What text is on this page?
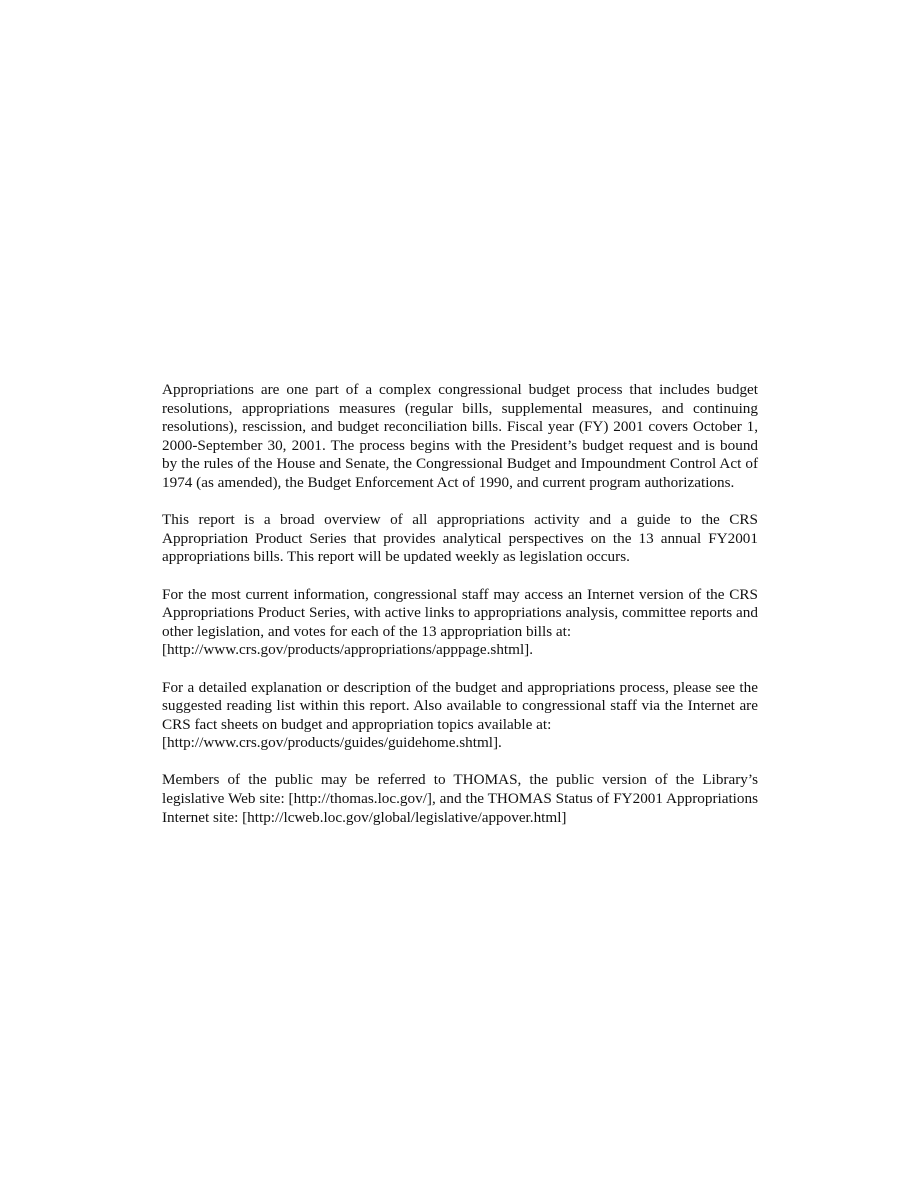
Appropriations are one part of a complex congressional budget process that includes budget resolutions, appropriations measures (regular bills, supplemental measures, and continuing resolutions), rescission, and budget reconciliation bills. Fiscal year (FY) 2001 covers October 1, 2000-September 30, 2001. The process begins with the President’s budget request and is bound by the rules of the House and Senate, the Congressional Budget and Impoundment Control Act of 1974 (as amended), the Budget Enforcement Act of 1990, and current program authorizations.

This report is a broad overview of all appropriations activity and a guide to the CRS Appropriation Product Series that provides analytical perspectives on the 13 annual FY2001 appropriations bills. This report will be updated weekly as legislation occurs.

For the most current information, congressional staff may access an Internet version of the CRS Appropriations Product Series, with active links to appropriations analysis, committee reports and other legislation, and votes for each of the 13 appropriation bills at:
[http://www.crs.gov/products/appropriations/apppage.shtml].

For a detailed explanation or description of the budget and appropriations process, please see the suggested reading list within this report. Also available to congressional staff via the Internet are CRS fact sheets on budget and appropriation topics available at:
[http://www.crs.gov/products/guides/guidehome.shtml].

Members of the public may be referred to THOMAS, the public version of the Library’s legislative Web site: [http://thomas.loc.gov/], and the THOMAS Status of FY2001 Appropriations Internet site: [http://lcweb.loc.gov/global/legislative/appover.html]
